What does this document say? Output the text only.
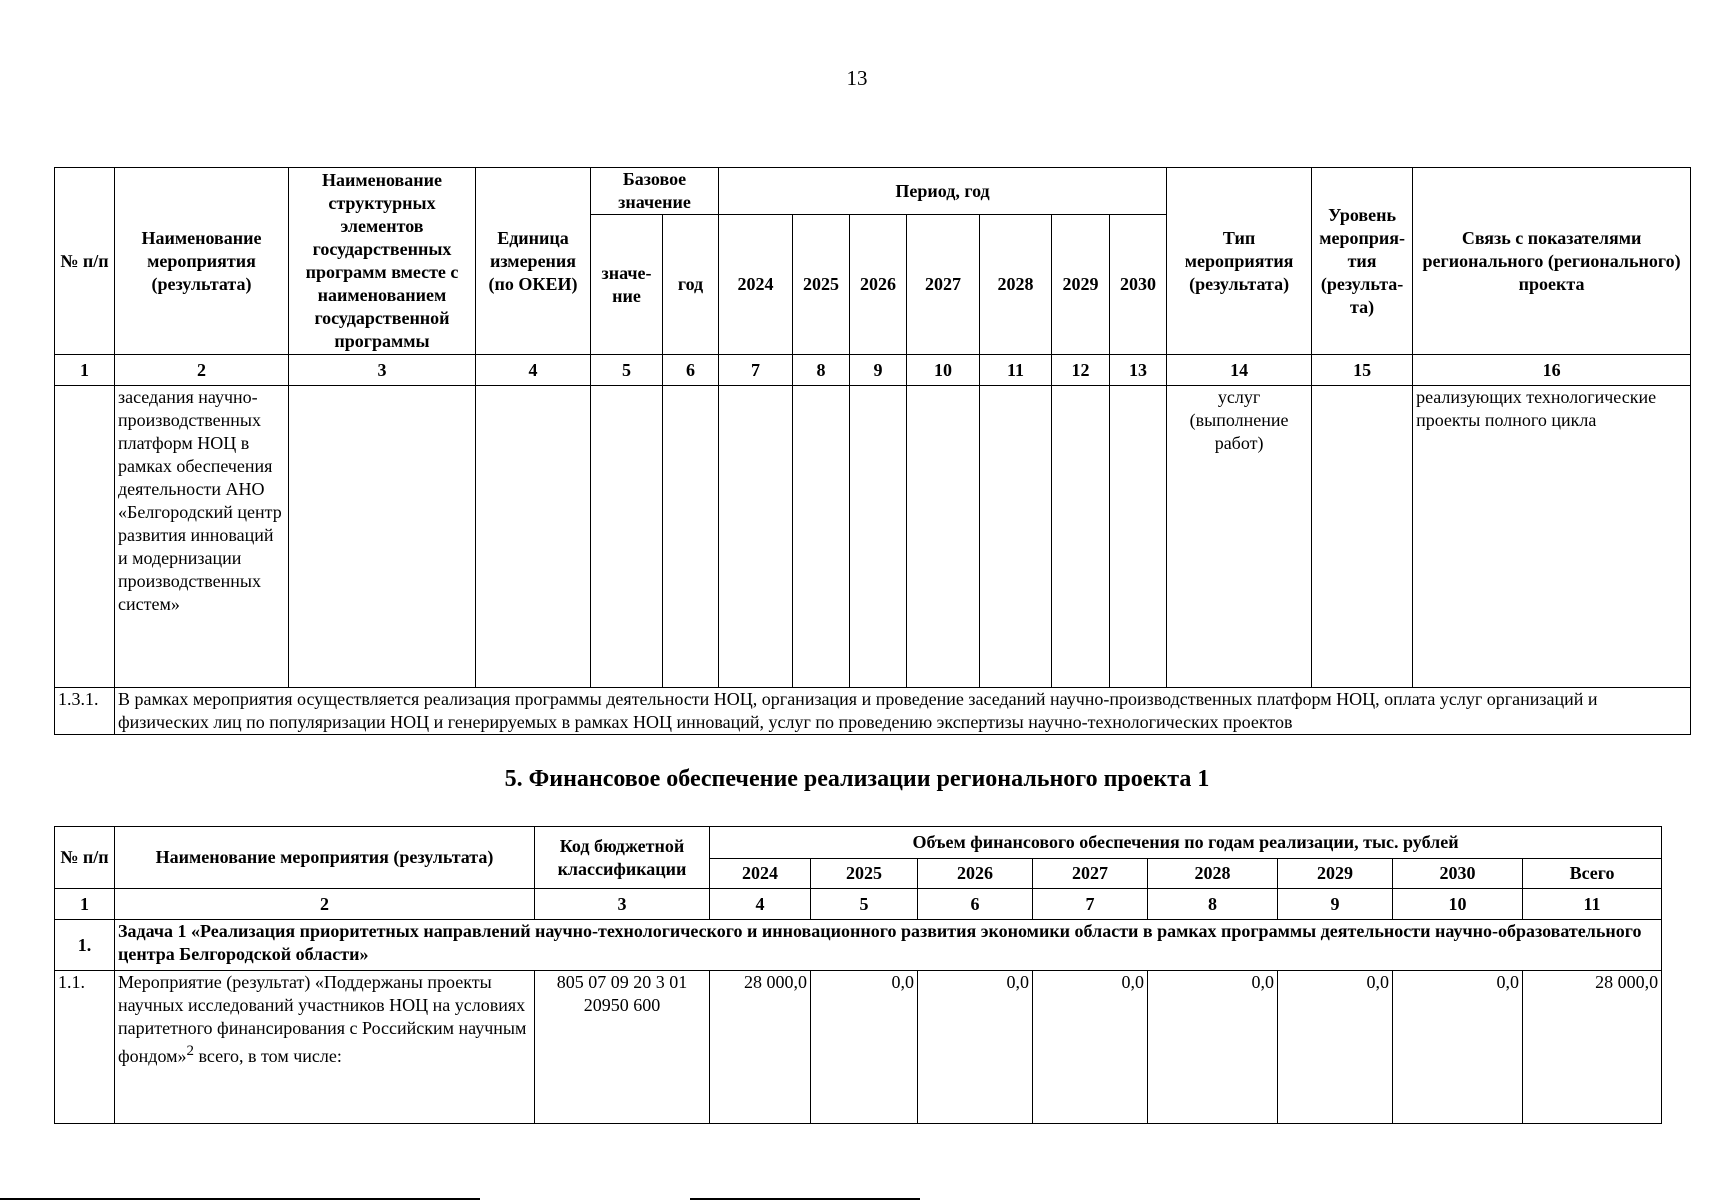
13
№ п/п	Наименование мероприятия (результата)	Наименование структурных элементов государственных программ вместе с наименованием государственной программы	Единица измерения (по ОКЕИ)	Базовое значение		Период, год							Тип мероприятия (результата)	Уровень мероприя-тия (результа-та)	Связь с показателями регионального (регионального) проекта
				значе-ние	год	2024	2025	2026	2027	2028	2029	2030			
1	2	3	4	5	6	7	8	9	10	11	12	13	14	15	16
	заседания научно-производственных платформ НОЦ в рамках обеспечения деятельности АНО «Белгородский центр развития инноваций и модернизации производственных систем»												услуг (выполнение работ)		реализующих технологические проекты полного цикла
1.3.1.	В рамках мероприятия осуществляется реализация программы деятельности НОЦ, организация и проведение заседаний научно-производственных платформ НОЦ, оплата услуг организаций и физических лиц по популяризации НОЦ и генерируемых в рамках НОЦ инноваций, услуг по проведению экспертизы научно-технологических проектов														
5. Финансовое обеспечение реализации регионального проекта 1
№ п/п	Наименование мероприятия (результата)	Код бюджетной классификации	Объем финансового обеспечения по годам реализации, тыс. рублей							
			2024	2025	2026	2027	2028	2029	2030	Всего
1	2	3	4	5	6	7	8	9	10	11
1.	Задача 1 «Реализация приоритетных направлений научно-технологического и инновационного развития экономики области в рамках программы деятельности научно-образовательного центра Белгородской области»									
1.1.	Мероприятие (результат) «Поддержаны проекты научных исследований участников НОЦ на условиях паритетного финансирования с Российским научным фондом»$^2$ всего, в том числе:	805 07 09 20 3 01 20950 600	28 000,0	0,0	0,0	0,0	0,0	0,0	0,0	28 000,0
